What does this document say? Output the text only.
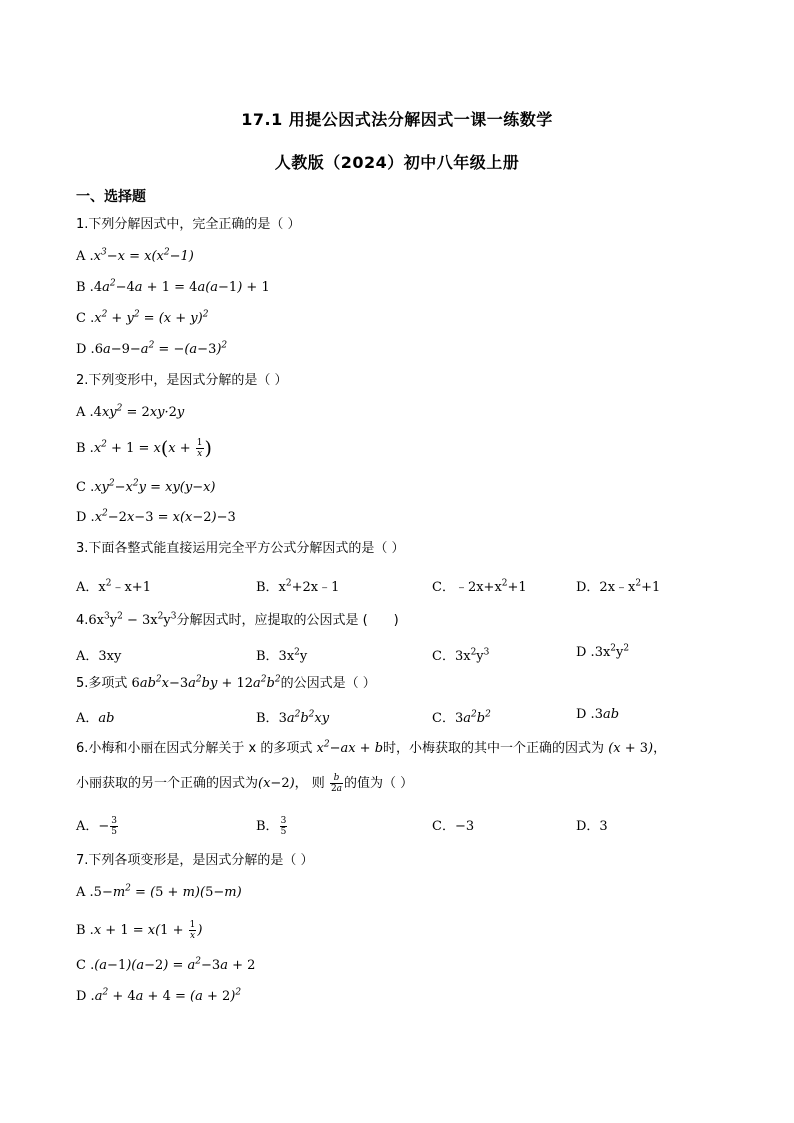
17.1 用提公因式法分解因式一课一练数学
人教版（2024）初中八年级上册
一、选择题
1.下列分解因式中，完全正确的是（ ）
A $.x^3-x = x(x^2-1)$
B $.4a^2-4a + 1 = 4a(a-1) + 1$
C $.x^2 + y^2 = (x + y)^2$
D $.6a-9-a^2 = -(a-3)^2$
2.下列变形中，是因式分解的是（ ）
A $.4xy^2 = 2xy\cdot 2y$
B $.x^2 + 1 = x(x + \frac{1}{x}$ )
C $.xy^2-x^2y = xy(y-x)$
D $.x^2-2x-3 = x(x-2)-3$
3.下面各整式能直接运用完全平方公式分解因式的是（ ）
A．$x^2﹣x+1$	B．$x^2+2x﹣1$	C．$﹣2x+x^2+1$	D．$2x﹣x^2+1$
$4.6x^3y^2 - 3x^2y^3$分解因式时，应提取的公因式是 (　　)
A．3xy	B．$3x^2y$	C．$3x^2y^3$	D $.3x^2y^2$
5.多项式 $6ab^2x-3a^2by + 12a^2b^2$的公因式是（ ）
A．ab	B．$3a^2b^2xy$	C．$3a^2b^2$	D .3ab
6.小梅和小丽在因式分解关于 x 的多项式 $x^2-ax + b$时，小梅获取的其中一个正确的因式为 (x + 3)，
小丽获取的另一个正确的因式为(x−2)， 则 $\frac{b}{2a}$ 的值为（ ）
A．− $\frac{3}{5}$	B． $\frac{3}{5}$	C．−3	D．3
7.下列各项变形是，是因式分解的是（ ）
A $.5-m^2 = (5 + m)(5-m)$
B $.x + 1 = x(1 + \frac{1}{x}$ )
C $.(a-1)(a-2) = a^2-3a + 2$
D $.a^2 + 4a + 4 = (a + 2)^2$
